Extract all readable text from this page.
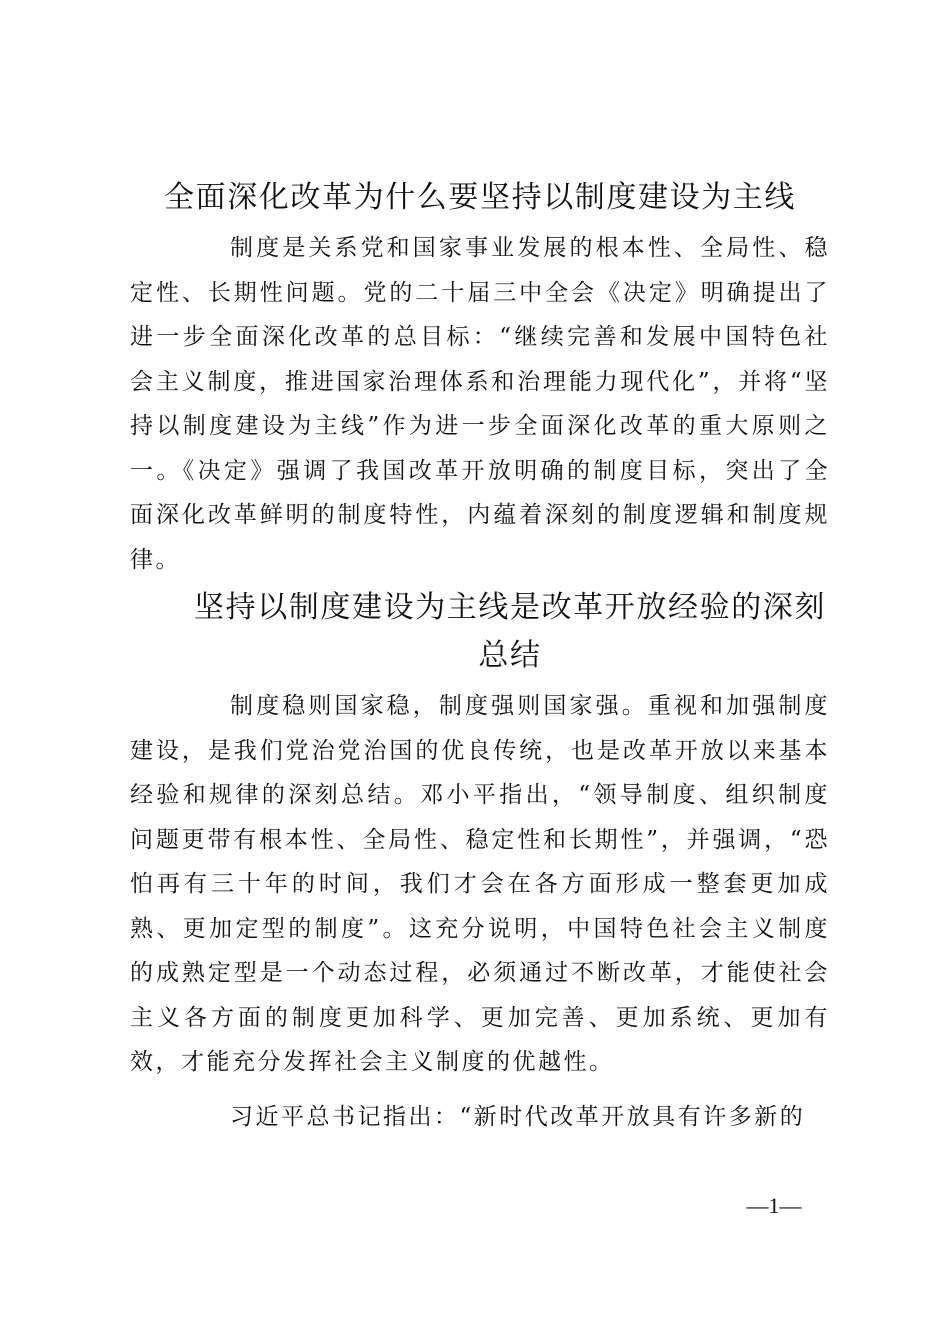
全面深化改革为什么要坚持以制度建设为主线

制度是关系党和国家事业发展的根本性、全局性、稳定性、长期性问题。党的二十届三中全会《决定》明确提出了进一步全面深化改革的总目标：“继续完善和发展中国特色社会主义制度，推进国家治理体系和治理能力现代化”，并将“坚持以制度建设为主线”作为进一步全面深化改革的重大原则之一。《决定》强调了我国改革开放明确的制度目标，突出了全面深化改革鲜明的制度特性，内蕴着深刻的制度逻辑和制度规律。

坚持以制度建设为主线是改革开放经验的深刻总结

制度稳则国家稳，制度强则国家强。重视和加强制度建设，是我们党治党治国的优良传统，也是改革开放以来基本经验和规律的深刻总结。邓小平指出，“领导制度、组织制度问题更带有根本性、全局性、稳定性和长期性”，并强调，“恐怕再有三十年的时间，我们才会在各方面形成一整套更加成熟、更加定型的制度”。这充分说明，中国特色社会主义制度的成熟定型是一个动态过程，必须通过不断改革，才能使社会主义各方面的制度更加科学、更加完善、更加系统、更加有效，才能充分发挥社会主义制度的优越性。

习近平总书记指出：“新时代改革开放具有许多新的

—1—
